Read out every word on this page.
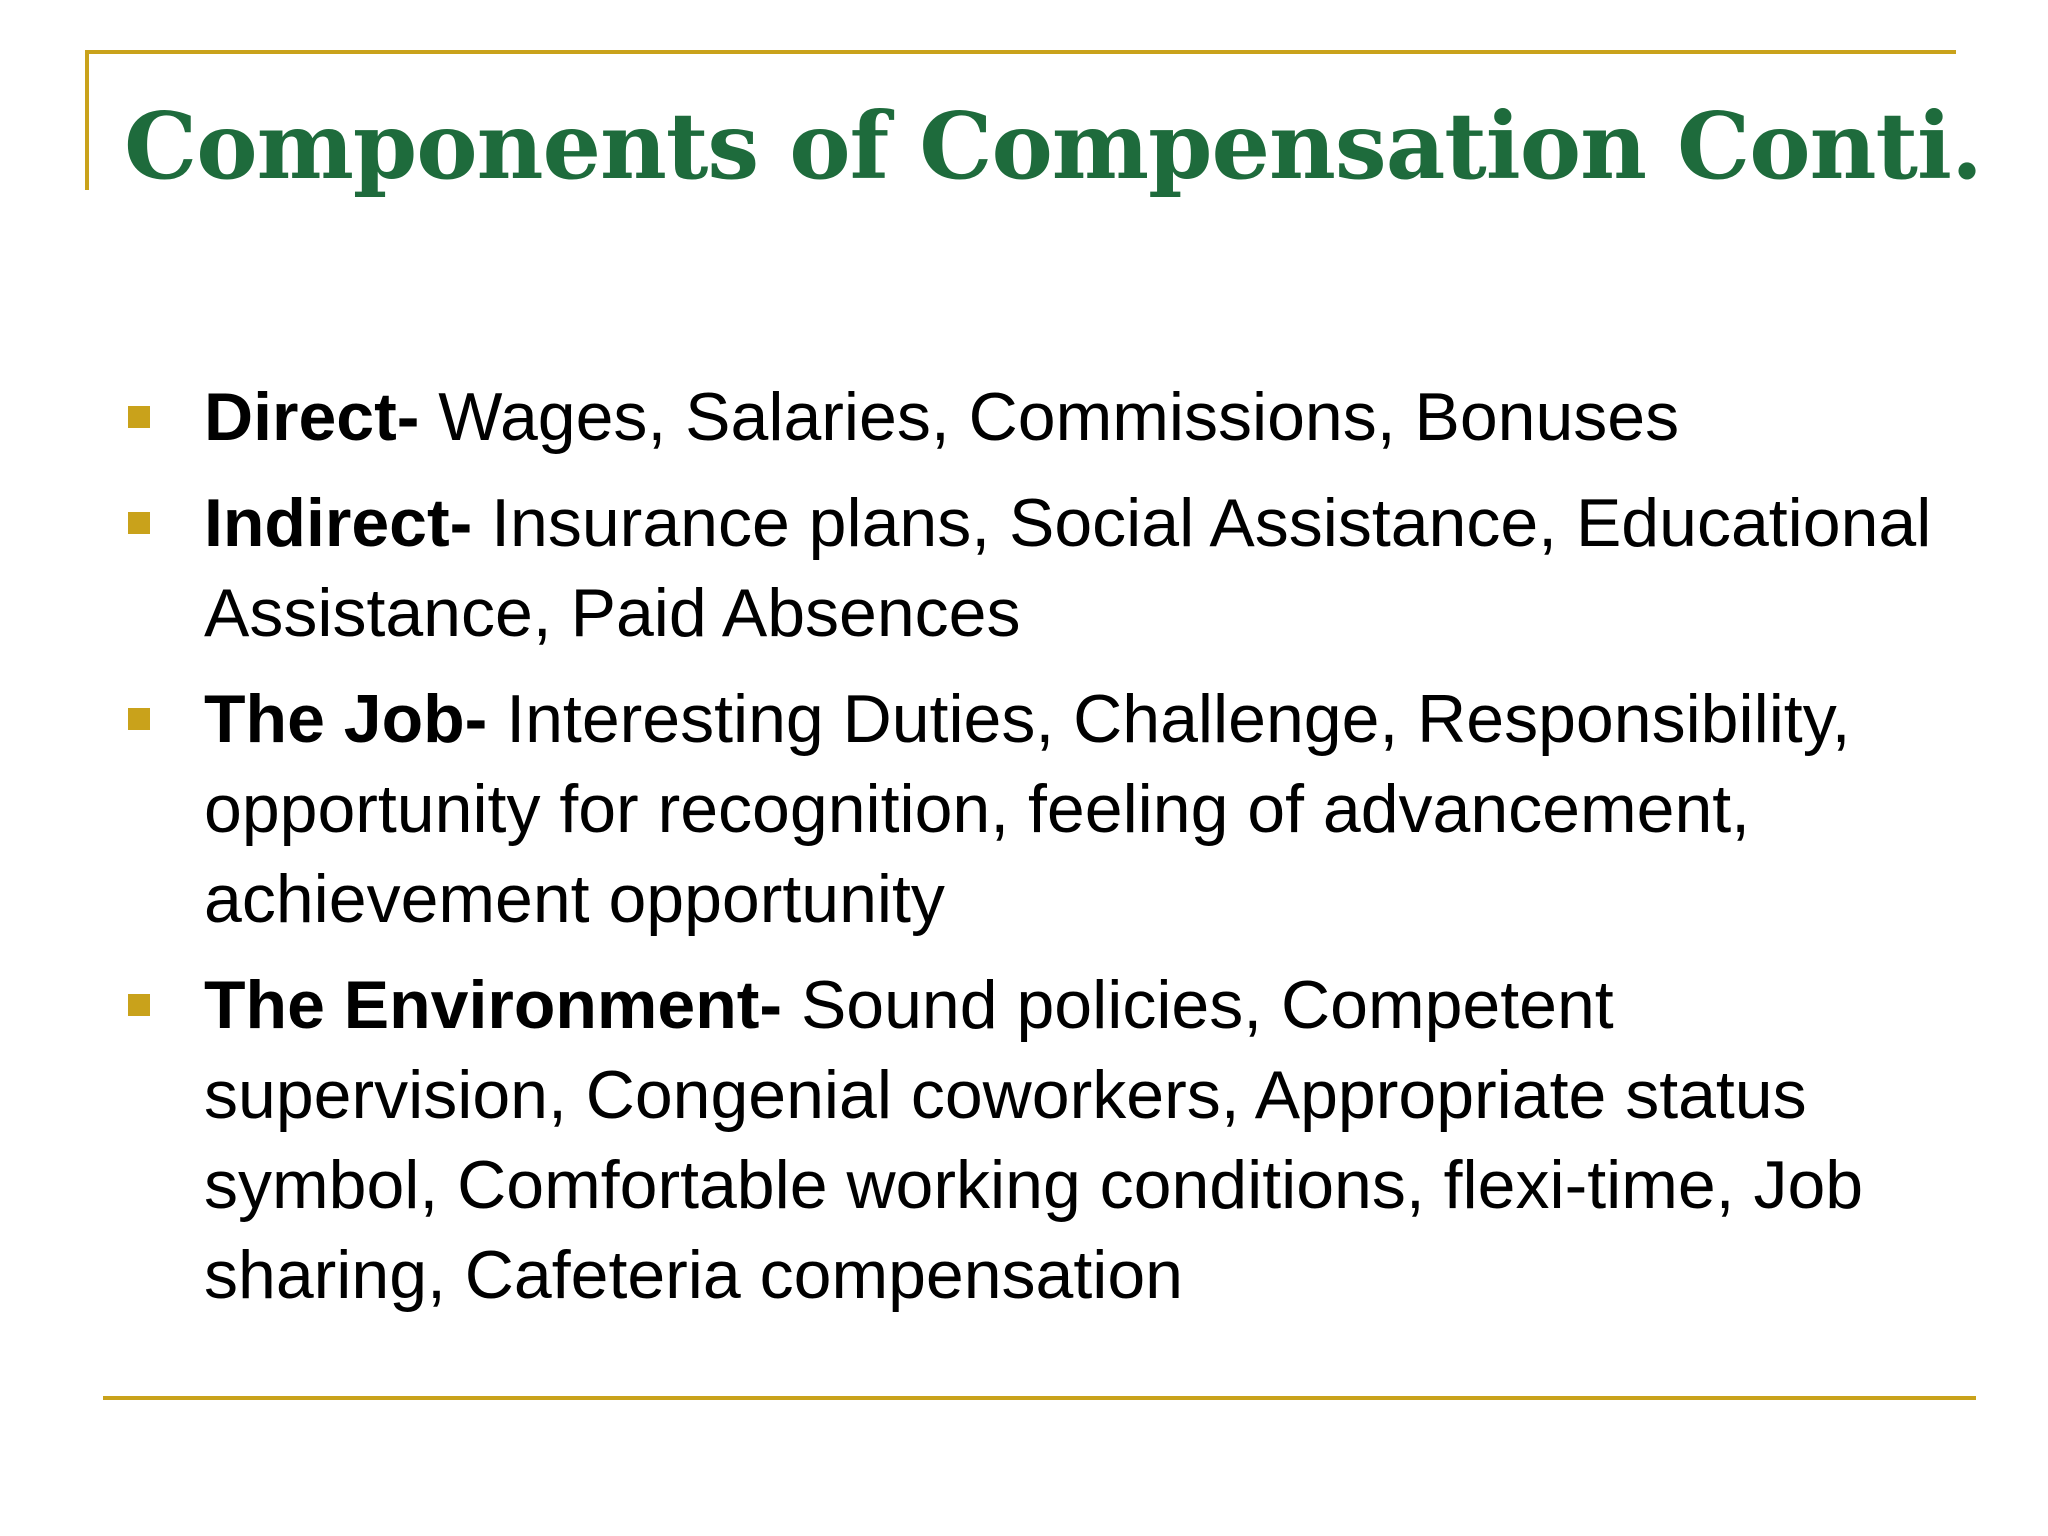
Components of Compensation Conti.
Direct- Wages, Salaries, Commissions, Bonuses
Indirect- Insurance plans, Social Assistance, Educational Assistance, Paid Absences
The Job- Interesting Duties, Challenge, Responsibility, opportunity for recognition, feeling of advancement, achievement opportunity
The Environment- Sound policies, Competent supervision, Congenial coworkers, Appropriate status symbol, Comfortable working conditions, flexi-time, Job sharing, Cafeteria compensation
